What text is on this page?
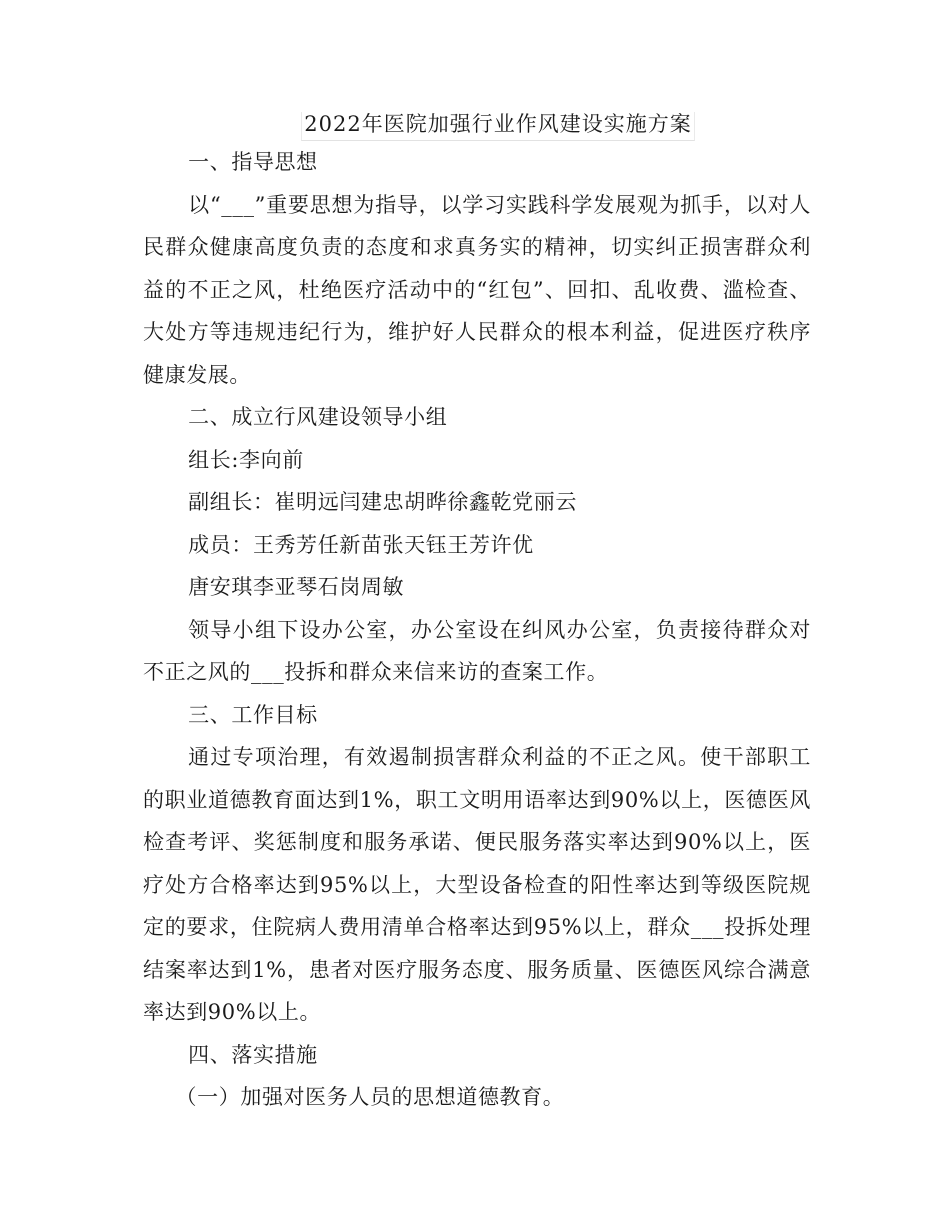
2022年医院加强行业作风建设实施方案

一、指导思想

以“___”重要思想为指导，以学习实践科学发展观为抓手，以对人民群众健康高度负责的态度和求真务实的精神，切实纠正损害群众利益的不正之风，杜绝医疗活动中的“红包”、回扣、乱收费、滥检查、大处方等违规违纪行为，维护好人民群众的根本利益，促进医疗秩序健康发展。

二、成立行风建设领导小组

组长:李向前

副组长：崔明远闫建忠胡晔徐鑫乾党丽云

成员：王秀芳任新苗张天钰王芳许优

唐安琪李亚琴石岗周敏

领导小组下设办公室，办公室设在纠风办公室，负责接待群众对不正之风的___投拆和群众来信来访的查案工作。

三、工作目标

通过专项治理，有效遏制损害群众利益的不正之风。使干部职工的职业道德教育面达到1%，职工文明用语率达到90%以上，医德医风检查考评、奖惩制度和服务承诺、便民服务落实率达到90%以上，医疗处方合格率达到95%以上，大型设备检查的阳性率达到等级医院规定的要求，住院病人费用清单合格率达到95%以上，群众___投拆处理结案率达到1%，患者对医疗服务态度、服务质量、医德医风综合满意率达到90%以上。

四、落实措施

（一）加强对医务人员的思想道德教育。
